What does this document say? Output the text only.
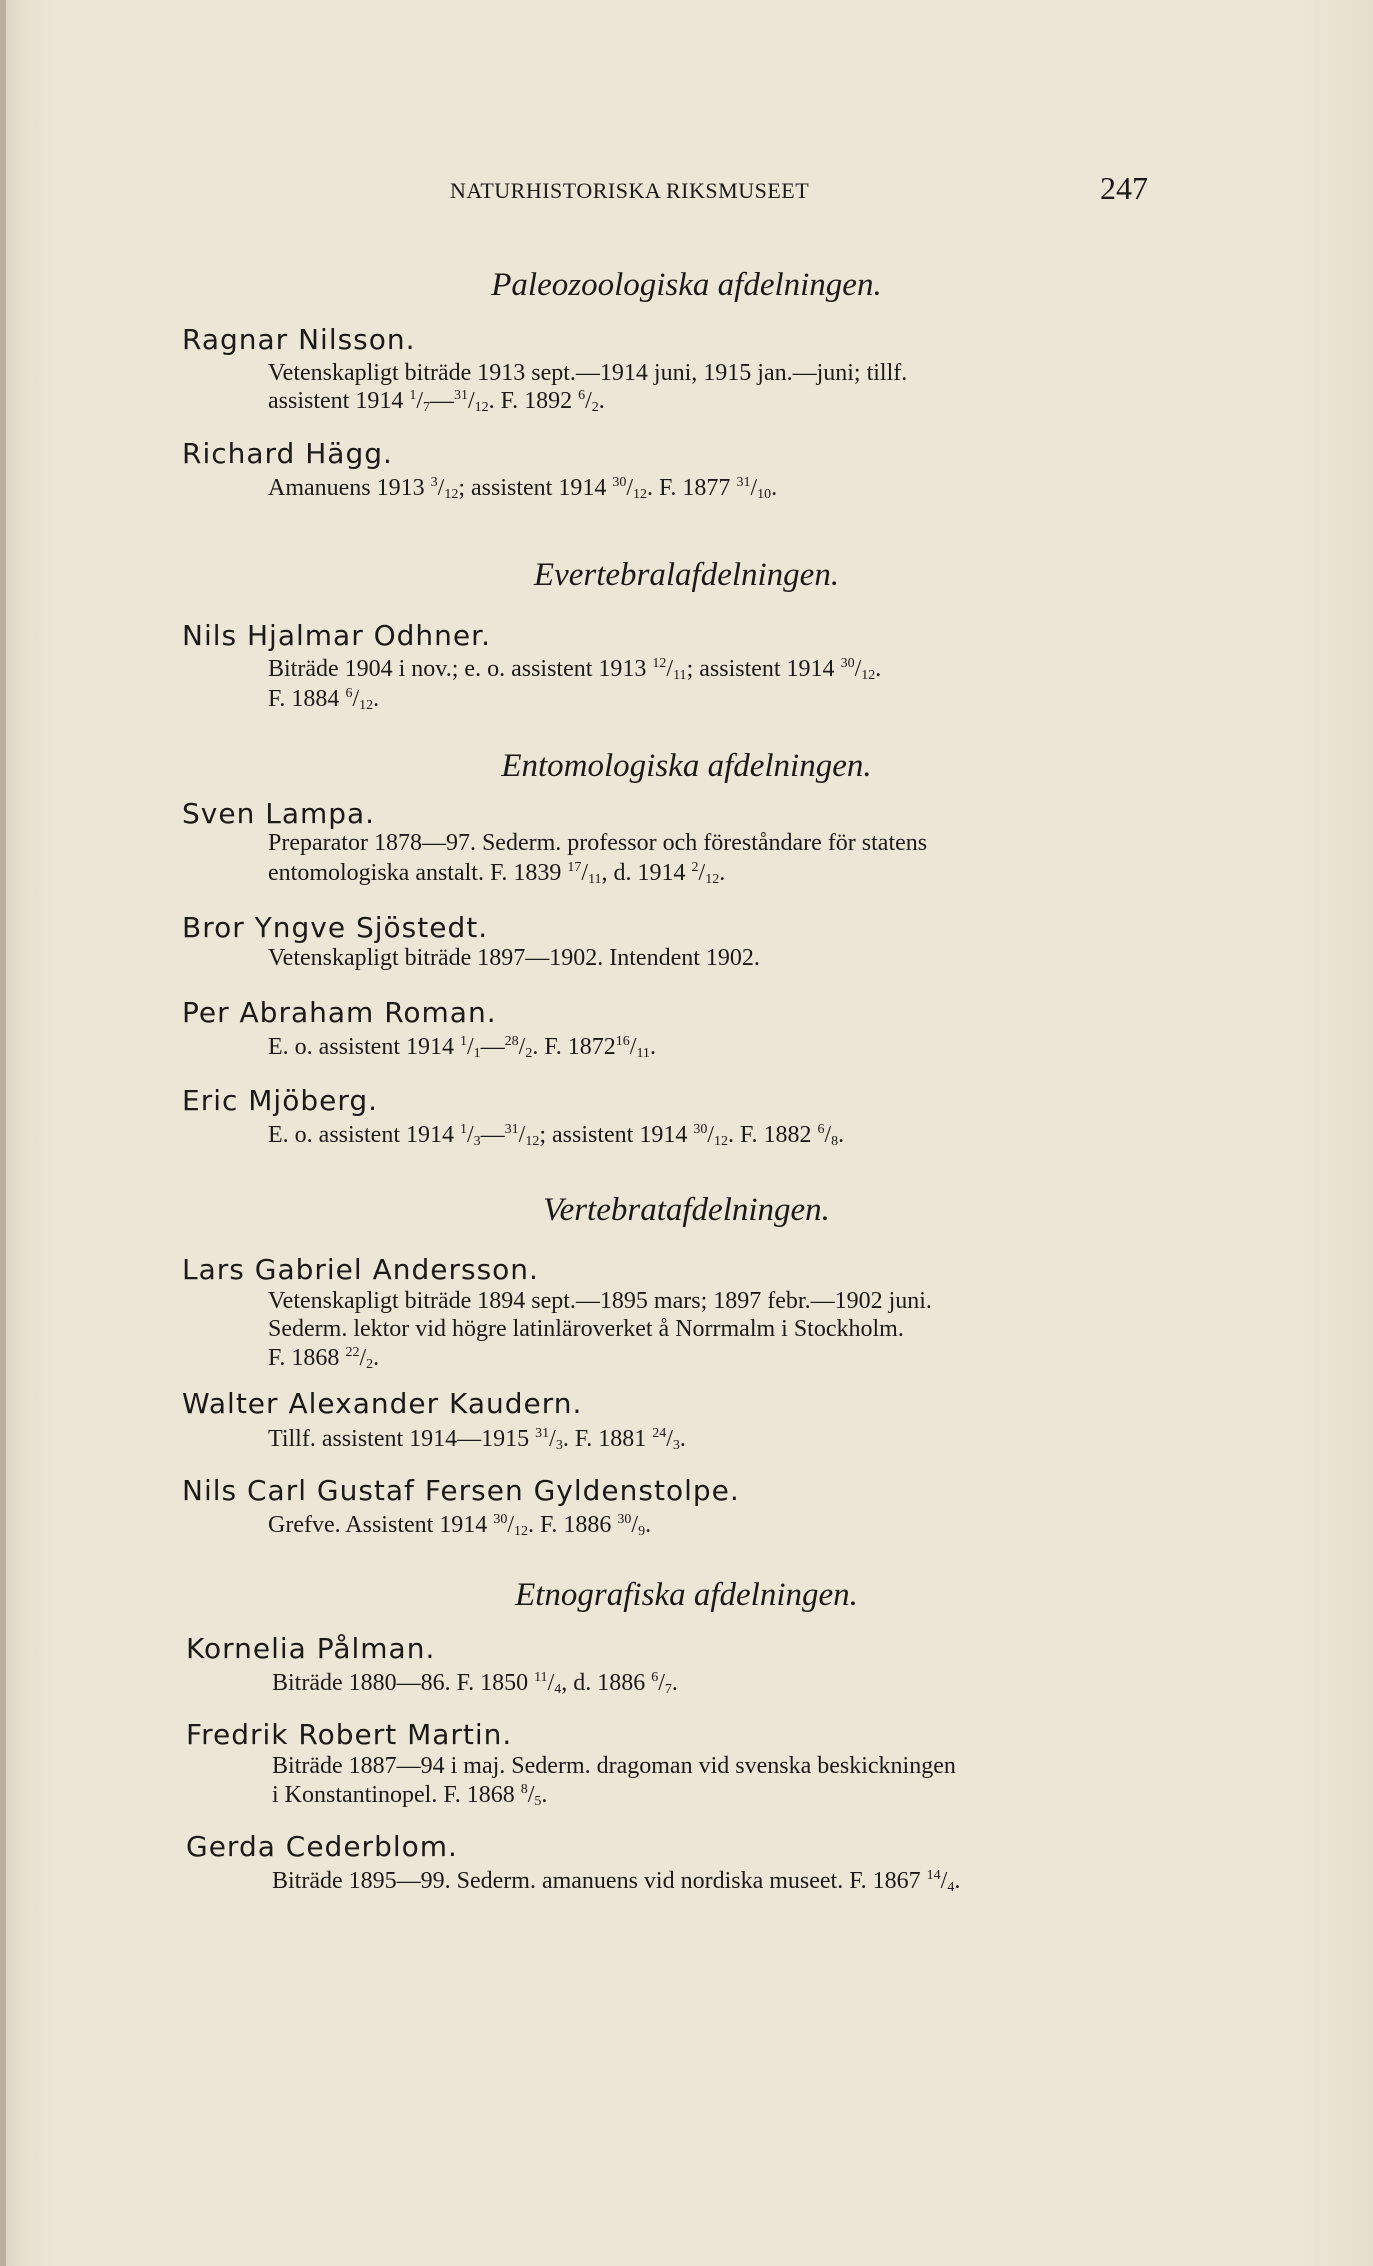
NATURHISTORISKA RIKSMUSEET	247
Paleozoologiska afdelningen.
Ragnar Nilsson.
Vetenskapligt biträde 1913 sept.—1914 juni, 1915 jan.—juni; tillf.
assistent 1914 $^1/_7—^{31}/_{12}$. F. 1892 $^6/_2$.
Richard Hägg.
Amanuens 1913 $^3/_{12}$; assistent 1914 $^{30}/_{12}$. F. 1877 $^{31}/_{10}$.
Evertebralafdelningen.
Nils Hjalmar Odhner.
Biträde 1904 i nov.; e. o. assistent 1913 $^{12}/_{11}$; assistent 1914 $^{30}/_{12}$.
F. 1884 $^6/_{12}$.
Entomologiska afdelningen.
Sven Lampa.
Preparator 1878—97. Sederm. professor och föreståndare för statens
entomologiska anstalt. F. 1839 $^{17}/_{11}$, d. 1914 $^2/_{12}$.
Bror Yngve Sjöstedt.
Vetenskapligt biträde 1897—1902. Intendent 1902.
Per Abraham Roman.
E. o. assistent 1914 $^1/_1—^{28}/_2$. F. $1872^{16}/_{11}$.
Eric Mjöberg.
E. o. assistent 1914 $^1/_3—^{31}/_{12}$; assistent 1914 $^{30}/_{12}$. F. 1882 $^6/_8$.
Vertebratafdelningen.
Lars Gabriel Andersson.
Vetenskapligt biträde 1894 sept.—1895 mars; 1897 febr.—1902 juni.
Sederm. lektor vid högre latinläroverket å Norrmalm i Stockholm.
F. 1868 $^{22}/_2$.
Walter Alexander Kaudern.
Tillf. assistent 1914—1915 $^{31}/_3$. F. 1881 $^{24}/_3$.
Nils Carl Gustaf Fersen Gyldenstolpe.
Grefve. Assistent 1914 $^{30}/_{12}$. F. 1886 $^{30}/_9$.
Etnografiska afdelningen.
Kornelia Pålman.
Biträde 1880—86. F. 1850 $^{11}/_4$, d. 1886 $^6/_7$.
Fredrik Robert Martin.
Biträde 1887—94 i maj. Sederm. dragoman vid svenska beskickningen
i Konstantinopel. F. 1868 $^8/_5$.
Gerda Cederblom.
Biträde 1895—99. Sederm. amanuens vid nordiska museet. F. 1867 $^{14}/_4$.
